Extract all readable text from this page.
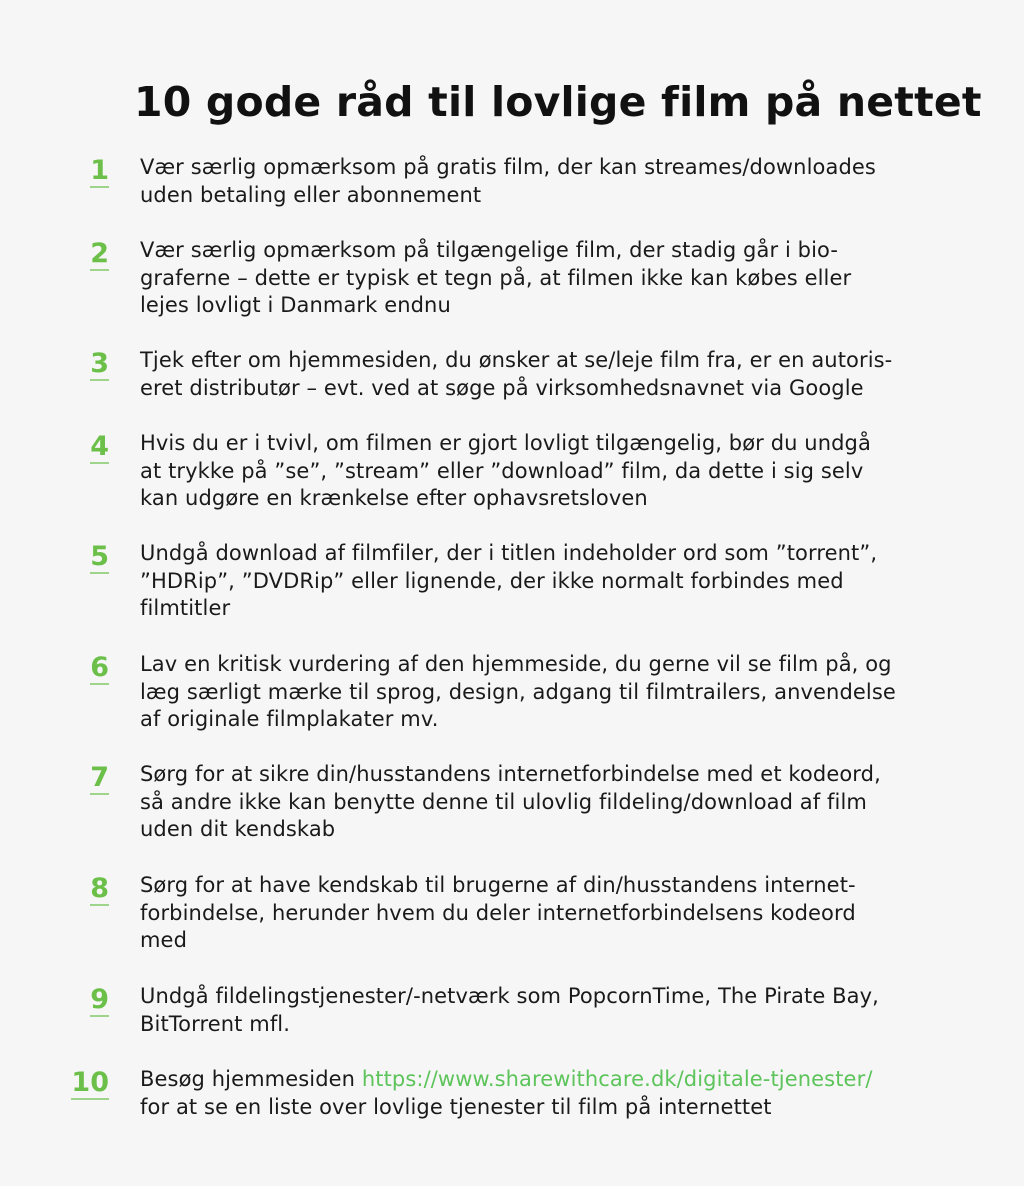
10 gode råd til lovlige film på nettet
1 Vær særlig opmærksom på gratis film, der kan streames/downloades
uden betaling eller abonnement

2 Vær særlig opmærksom på tilgængelige film, der stadig går i bio-
graferne – dette er typisk et tegn på, at filmen ikke kan købes eller
lejes lovligt i Danmark endnu

3 Tjek efter om hjemmesiden, du ønsker at se/leje film fra, er en autoris-
eret distributør – evt. ved at søge på virksomhedsnavnet via Google

4 Hvis du er i tvivl, om filmen er gjort lovligt tilgængelig, bør du undgå
at trykke på ”se”, ”stream” eller ”download” film, da dette i sig selv
kan udgøre en krænkelse efter ophavsretsloven

5 Undgå download af filmfiler, der i titlen indeholder ord som ”torrent”,
”HDRip”, ”DVDRip” eller lignende, der ikke normalt forbindes med
filmtitler

6 Lav en kritisk vurdering af den hjemmeside, du gerne vil se film på, og
læg særligt mærke til sprog, design, adgang til filmtrailers, anvendelse
af originale filmplakater mv.

7 Sørg for at sikre din/husstandens internetforbindelse med et kodeord,
så andre ikke kan benytte denne til ulovlig fildeling/download af film
uden dit kendskab

8 Sørg for at have kendskab til brugerne af din/husstandens internet-
forbindelse, herunder hvem du deler internetforbindelsens kodeord
med

9 Undgå fildelingstjenester/-netværk som PopcornTime, The Pirate Bay,
BitTorrent mfl.

10 Besøg hjemmesiden https://www.sharewithcare.dk/digitale-tjenester/
for at se en liste over lovlige tjenester til film på internettet
